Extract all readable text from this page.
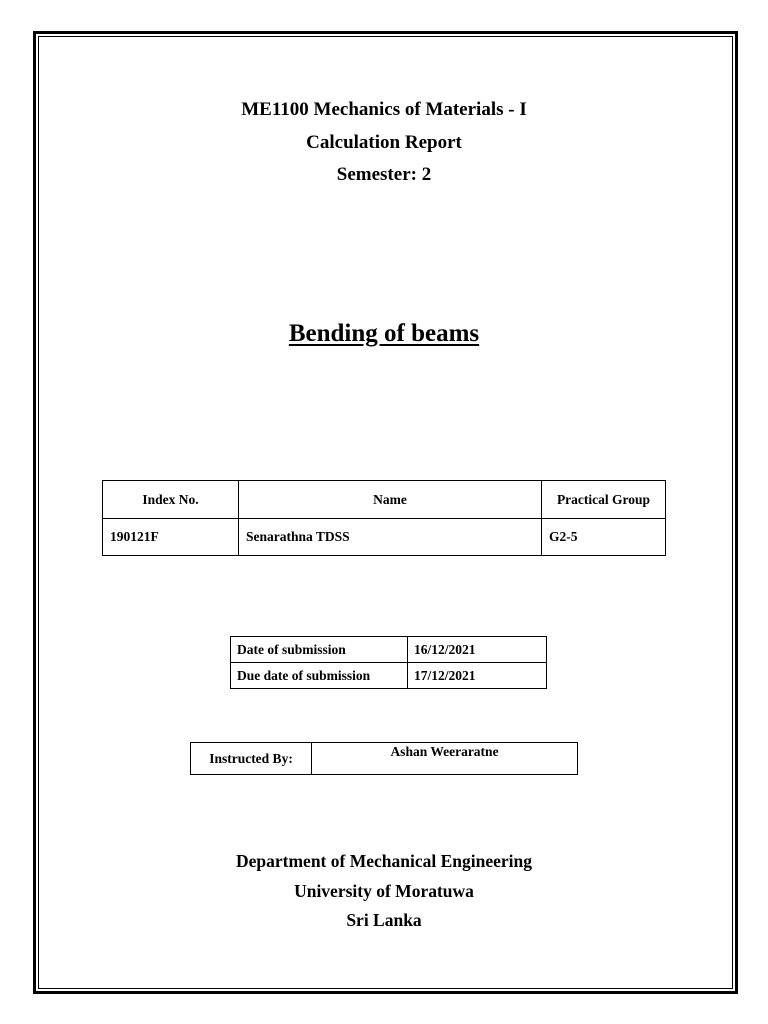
ME1100 Mechanics of Materials - I
Calculation Report
Semester: 2
Bending of beams
Index No.	Name	Practical Group
190121F	Senarathna TDSS	G2-5
Date of submission	16/12/2021
Due date of submission	17/12/2021
Instructed By:	Ashan Weeraratne
Department of Mechanical Engineering
University of Moratuwa
Sri Lanka
